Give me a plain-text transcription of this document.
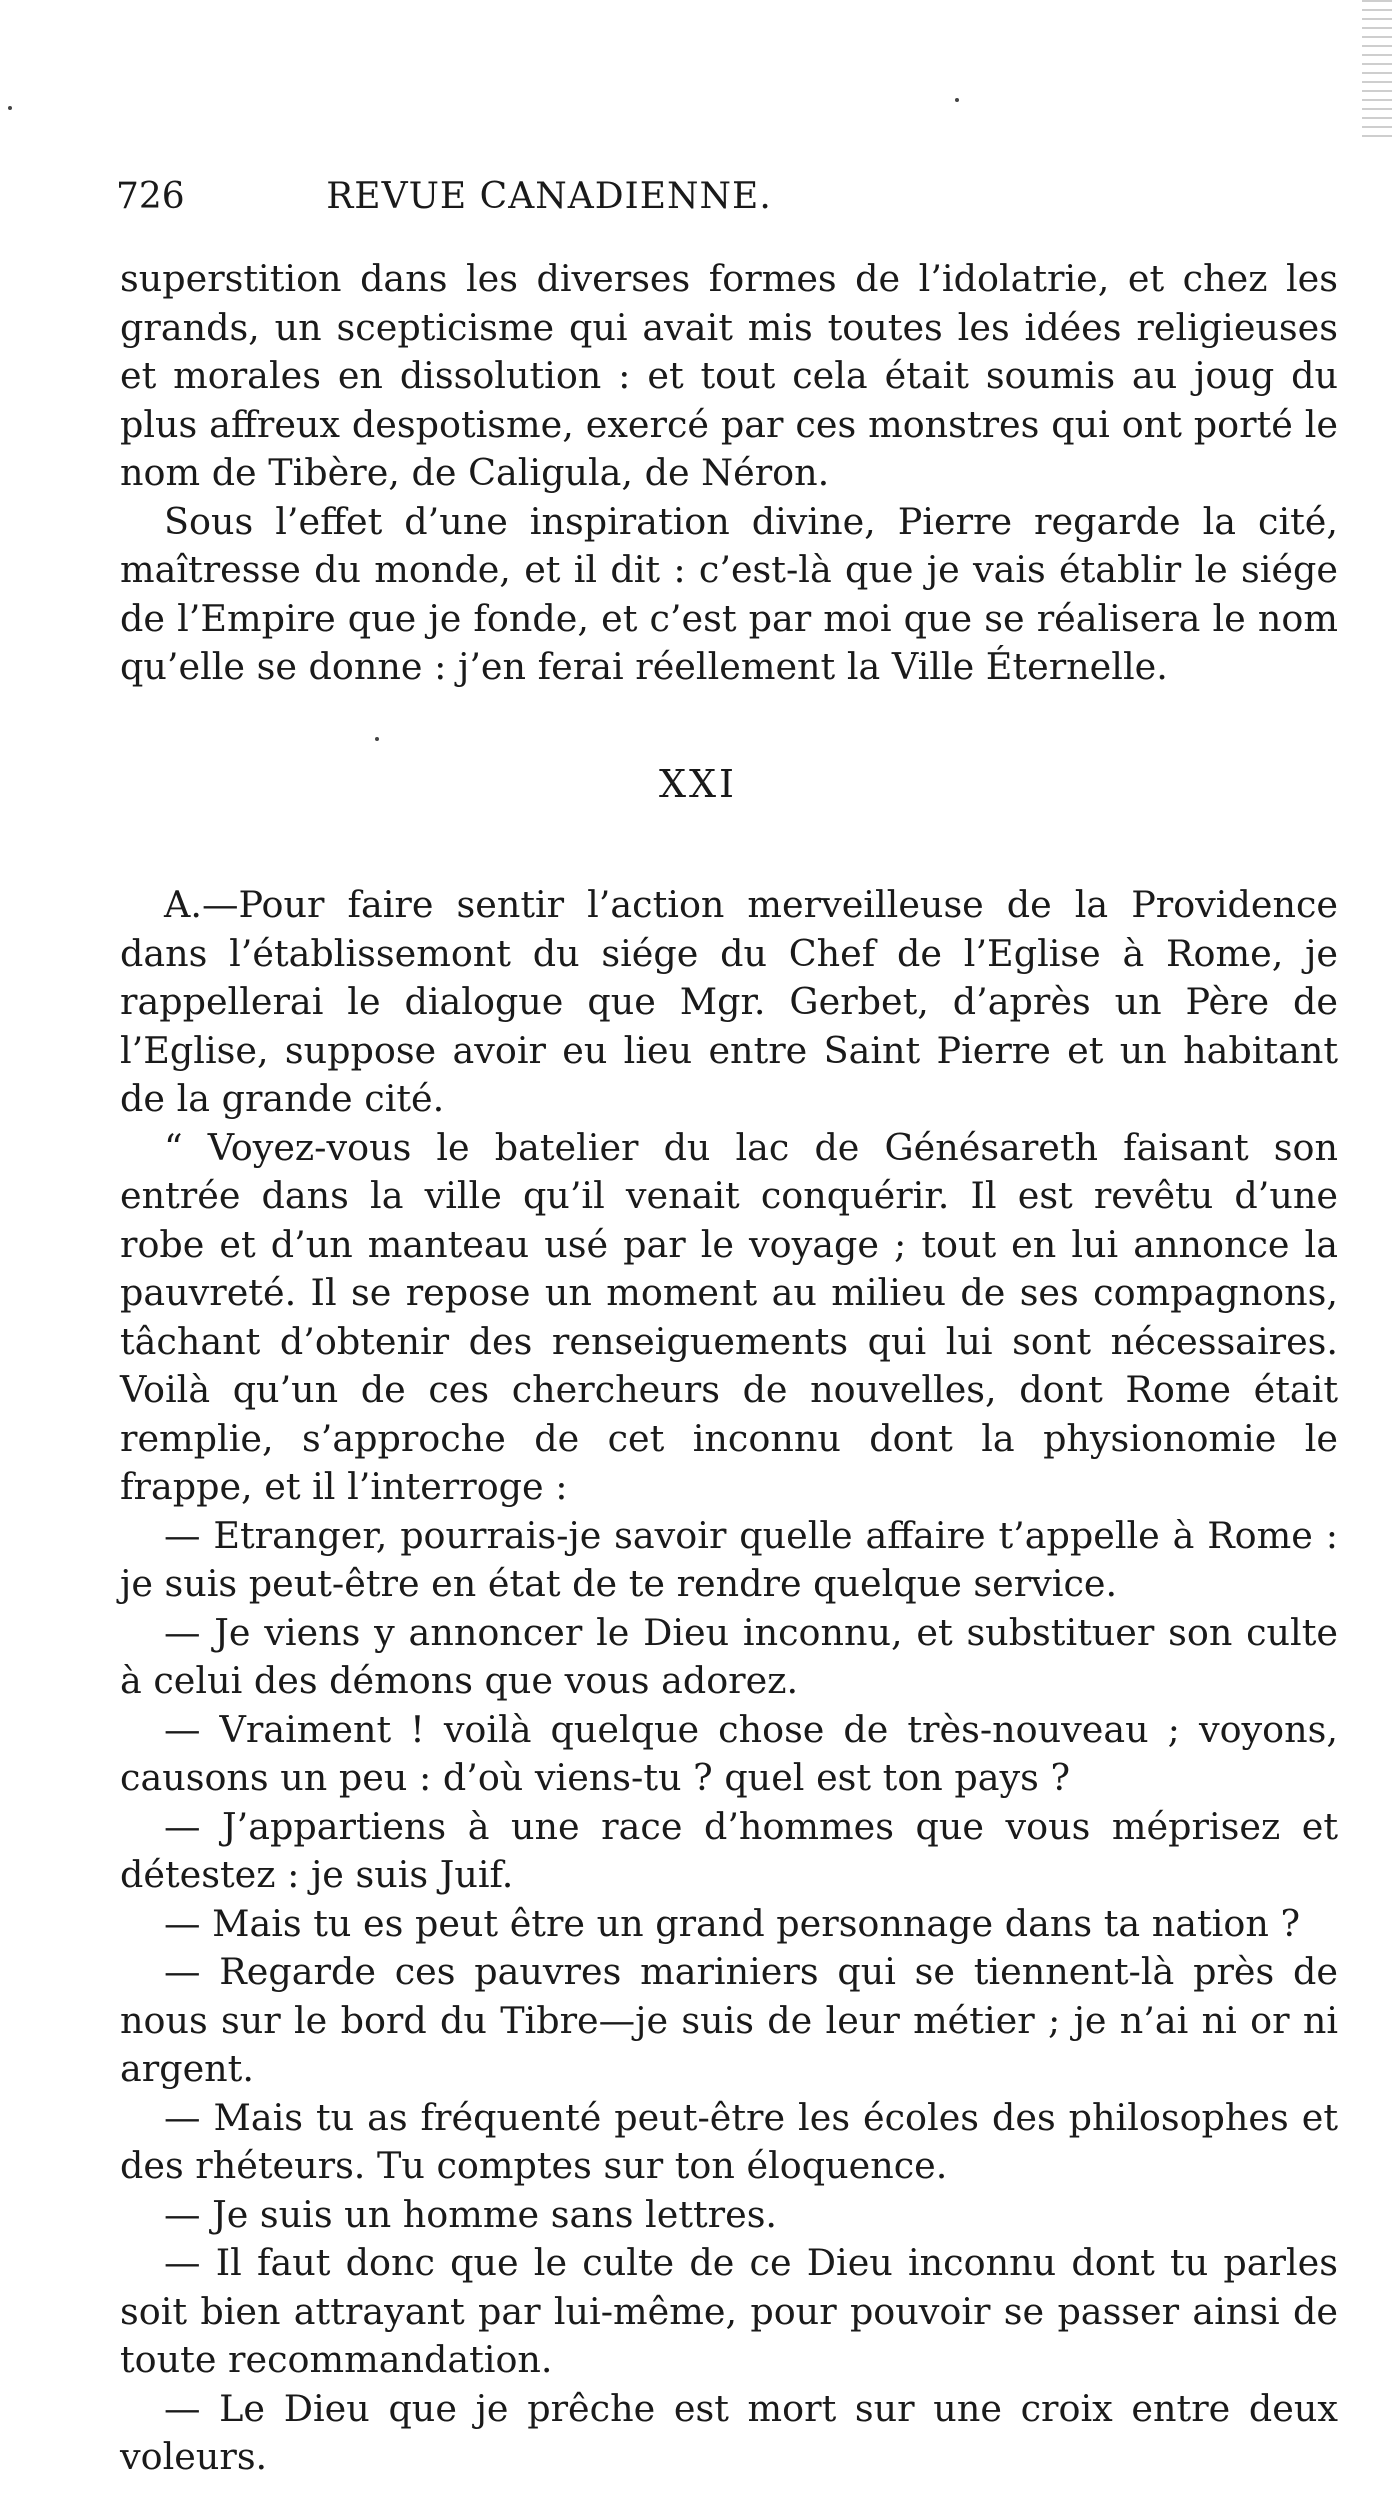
726	REVUE CANADIENNE.

superstition dans les diverses formes de l’idolatrie, et chez les grands, un scepticisme qui avait mis toutes les idées religieuses et morales en dissolution : et tout cela était soumis au joug du plus affreux despotisme, exercé par ces monstres qui ont porté le nom de Tibère, de Caligula, de Néron.

Sous l’effet d’une inspiration divine, Pierre regarde la cité, maîtresse du monde, et il dit : c’est-là que je vais établir le siége de l’Empire que je fonde, et c’est par moi que se réalisera le nom qu’elle se donne : j’en ferai réellement la Ville Éternelle.

XXI

A.—Pour faire sentir l’action merveilleuse de la Providence dans l’établissemont du siége du Chef de l’Eglise à Rome, je rappellerai le dialogue que Mgr. Gerbet, d’après un Père de l’Eglise, suppose avoir eu lieu entre Saint Pierre et un habitant de la grande cité.

“ Voyez-vous le batelier du lac de Génésareth faisant son entrée dans la ville qu’il venait conquérir. Il est revêtu d’une robe et d’un manteau usé par le voyage ; tout en lui annonce la pauvreté. Il se repose un moment au milieu de ses compagnons, tâchant d’obtenir des renseiguements qui lui sont nécessaires. Voilà qu’un de ces chercheurs de nouvelles, dont Rome était remplie, s’approche de cet inconnu dont la physionomie le frappe, et il l’interroge :

— Etranger, pourrais-je savoir quelle affaire t’appelle à Rome : je suis peut-être en état de te rendre quelque service.

— Je viens y annoncer le Dieu inconnu, et substituer son culte à celui des démons que vous adorez.

— Vraiment ! voilà quelque chose de très-nouveau ; voyons, causons un peu : d’où viens-tu ? quel est ton pays ?

— J’appartiens à une race d’hommes que vous méprisez et détestez : je suis Juif.

— Mais tu es peut être un grand personnage dans ta nation ?

— Regarde ces pauvres mariniers qui se tiennent-là près de nous sur le bord du Tibre—je suis de leur métier ; je n’ai ni or ni argent.

— Mais tu as fréquenté peut-être les écoles des philosophes et des rhéteurs. Tu comptes sur ton éloquence.

— Je suis un homme sans lettres.

— Il faut donc que le culte de ce Dieu inconnu dont tu parles soit bien attrayant par lui-même, pour pouvoir se passer ainsi de toute recommandation.

— Le Dieu que je prêche est mort sur une croix entre deux voleurs.
